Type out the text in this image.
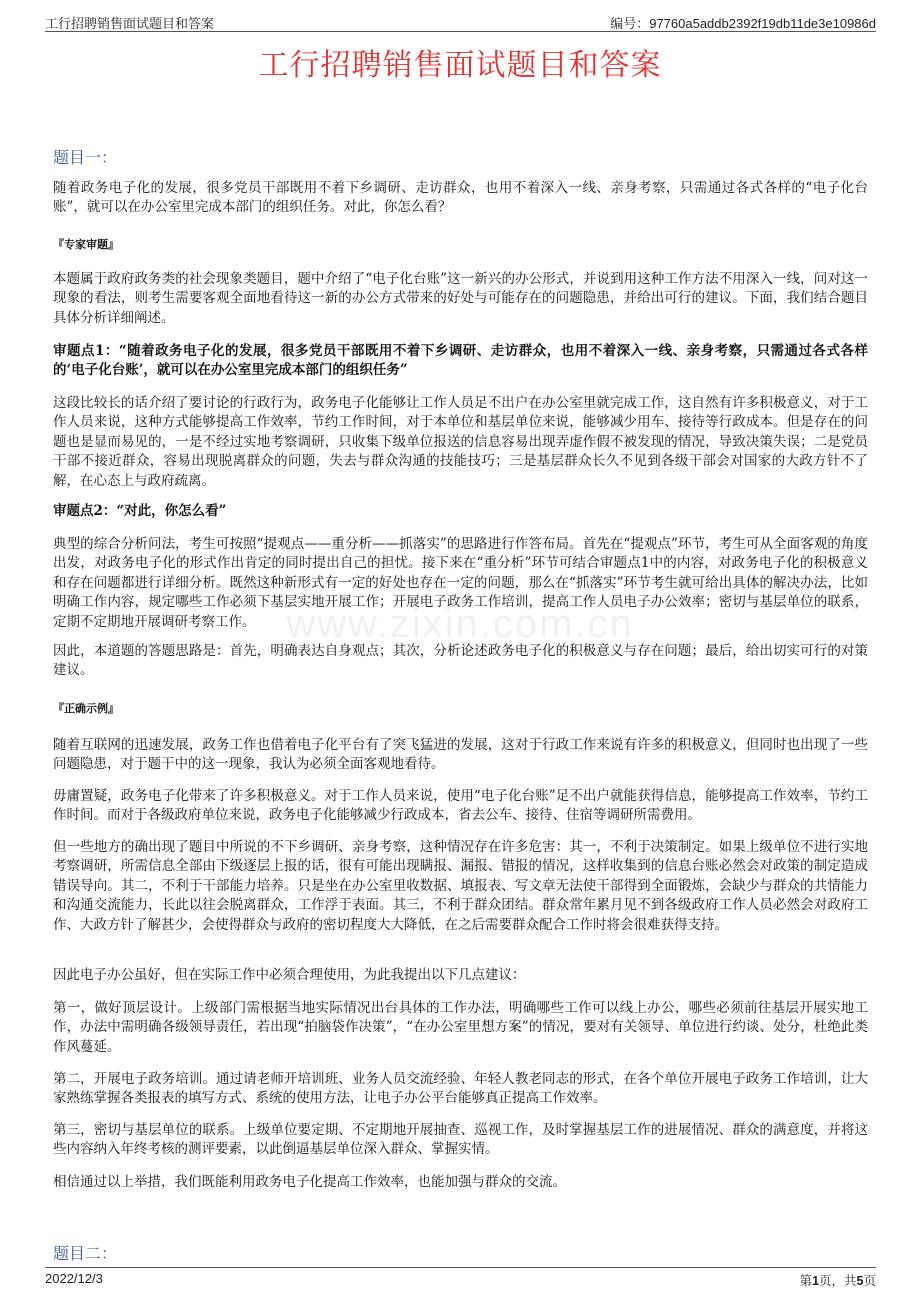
工行招聘销售面试题目和答案	编号：97760a5addb2392f19db11de3e10986d
工行招聘销售面试题目和答案
www.zixin.com.cn
题目一：
随着政务电子化的发展，很多党员干部既用不着下乡调研、走访群众，也用不着深入一线、亲身考察，只需通过各式各样的“电子化台账”，就可以在办公室里完成本部门的组织任务。对此，你怎么看？
『专家审题』
本题属于政府政务类的社会现象类题目，题中介绍了“电子化台账”这一新兴的办公形式，并说到用这种工作方法不用深入一线，问对这一现象的看法，则考生需要客观全面地看待这一新的办公方式带来的好处与可能存在的问题隐患，并给出可行的建议。下面，我们结合题目具体分析详细阐述。
审题点1：“随着政务电子化的发展，很多党员干部既用不着下乡调研、走访群众，也用不着深入一线、亲身考察，只需通过各式各样的‘电子化台账’，就可以在办公室里完成本部门的组织任务”
这段比较长的话介绍了要讨论的行政行为，政务电子化能够让工作人员足不出户在办公室里就完成工作，这自然有许多积极意义，对于工作人员来说，这种方式能够提高工作效率，节约工作时间，对于本单位和基层单位来说，能够减少用车、接待等行政成本。但是存在的问题也是显而易见的，一是不经过实地考察调研，只收集下级单位报送的信息容易出现弄虚作假不被发现的情况，导致决策失误；二是党员干部不接近群众，容易出现脱离群众的问题，失去与群众沟通的技能技巧；三是基层群众长久不见到各级干部会对国家的大政方针不了解，在心态上与政府疏离。
审题点2：“对此，你怎么看”
典型的综合分析问法，考生可按照“提观点——重分析——抓落实”的思路进行作答布局。首先在“提观点”环节，考生可从全面客观的角度出发，对政务电子化的形式作出肯定的同时提出自己的担忧。接下来在“重分析”环节可结合审题点1中的内容，对政务电子化的积极意义和存在问题都进行详细分析。既然这种新形式有一定的好处也存在一定的问题，那么在“抓落实”环节考生就可给出具体的解决办法，比如明确工作内容，规定哪些工作必须下基层实地开展工作；开展电子政务工作培训，提高工作人员电子办公效率；密切与基层单位的联系，定期不定期地开展调研考察工作。
因此，本道题的答题思路是：首先，明确表达自身观点；其次，分析论述政务电子化的积极意义与存在问题；最后，给出切实可行的对策建议。
『正确示例』
随着互联网的迅速发展，政务工作也借着电子化平台有了突飞猛进的发展，这对于行政工作来说有许多的积极意义，但同时也出现了一些问题隐患，对于题干中的这一现象，我认为必须全面客观地看待。
毋庸置疑，政务电子化带来了许多积极意义。对于工作人员来说，使用“电子化台账”足不出户就能获得信息，能够提高工作效率，节约工作时间。而对于各级政府单位来说，政务电子化能够减少行政成本，省去公车、接待、住宿等调研所需费用。
但一些地方的确出现了题目中所说的不下乡调研、亲身考察，这种情况存在许多危害：其一，不利于决策制定。如果上级单位不进行实地考察调研，所需信息全部由下级逐层上报的话，很有可能出现瞒报、漏报、错报的情况，这样收集到的信息台账必然会对政策的制定造成错误导向。其二，不利于干部能力培养。只是坐在办公室里收数据、填报表、写文章无法使干部得到全面锻炼，会缺少与群众的共情能力和沟通交流能力，长此以往会脱离群众，工作浮于表面。其三，不利于群众团结。群众常年累月见不到各级政府工作人员必然会对政府工作、大政方针了解甚少，会使得群众与政府的密切程度大大降低，在之后需要群众配合工作时将会很难获得支持。
因此电子办公虽好，但在实际工作中必须合理使用，为此我提出以下几点建议：
第一，做好顶层设计。上级部门需根据当地实际情况出台具体的工作办法，明确哪些工作可以线上办公，哪些必须前往基层开展实地工作，办法中需明确各级领导责任，若出现“拍脑袋作决策”，“在办公室里想方案”的情况，要对有关领导、单位进行约谈、处分，杜绝此类作风蔓延。
第二，开展电子政务培训。通过请老师开培训班、业务人员交流经验、年轻人教老同志的形式，在各个单位开展电子政务工作培训，让大家熟练掌握各类报表的填写方式、系统的使用方法，让电子办公平台能够真正提高工作效率。
第三，密切与基层单位的联系。上级单位要定期、不定期地开展抽查、巡视工作，及时掌握基层工作的进展情况、群众的满意度，并将这些内容纳入年终考核的测评要素，以此倒逼基层单位深入群众、掌握实情。
相信通过以上举措，我们既能利用政务电子化提高工作效率，也能加强与群众的交流。
题目二：
2022/12/3	第1页，共5页
